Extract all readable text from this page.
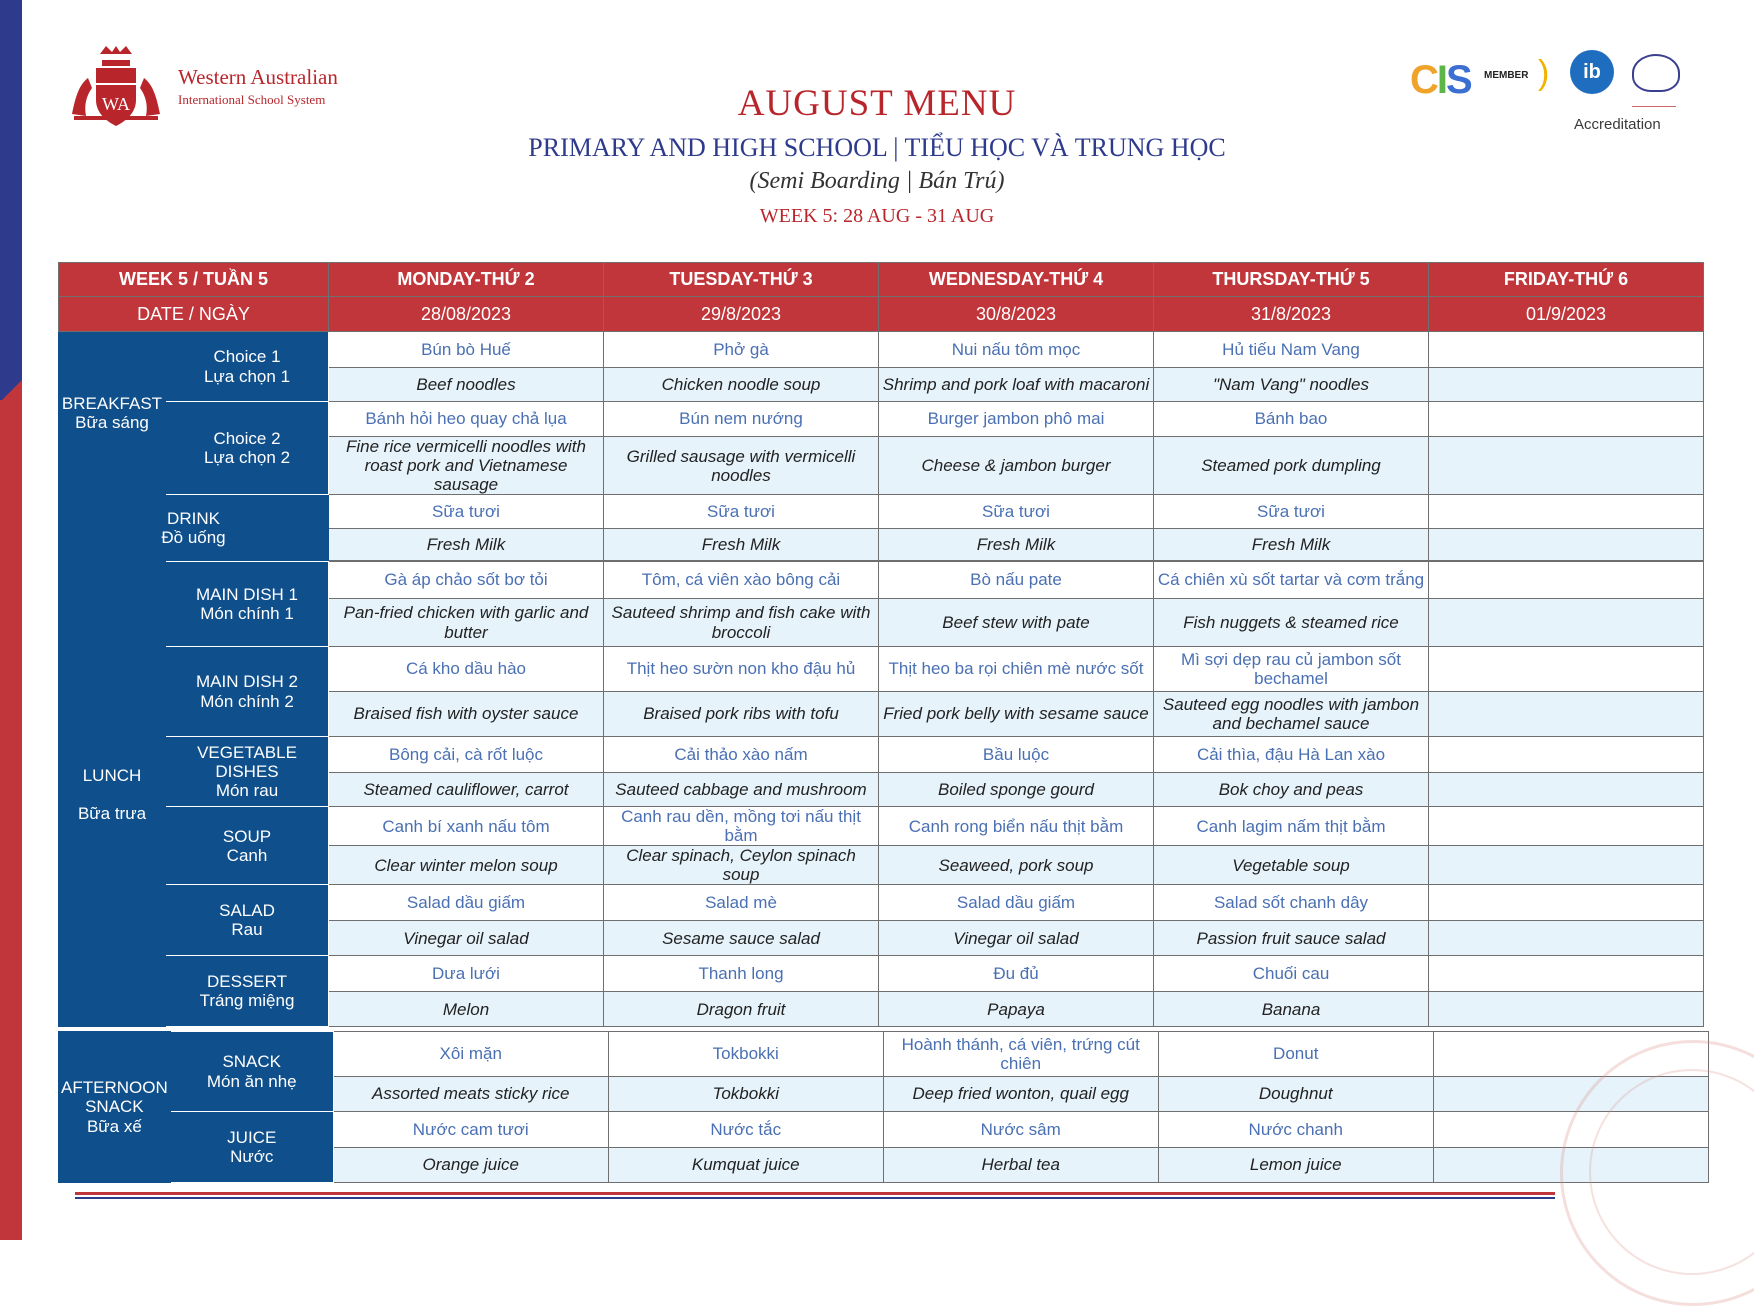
WA
Western Australian
International School System	CIS MEMBER )	ib
Accreditation
AUGUST MENU
PRIMARY AND HIGH SCHOOL | TIỂU HỌC VÀ TRUNG HỌC
(Semi Boarding | Bán Trú)
WEEK 5: 28 AUG - 31 AUG
WEEK 5 / TUẦN 5		MONDAY-THỨ 2	TUESDAY-THỨ 3	WEDNESDAY-THỨ 4	THURSDAY-THỨ 5	FRIDAY-THỨ 6
DATE / NGÀY		28/08/2023	29/8/2023	30/8/2023	31/8/2023	01/9/2023
BREAKFAST
Bữa sáng	Choice 1
Lựa chọn 1	Bún bò Huế	Phở gà	Nui nấu tôm mọc	Hủ tiếu Nam Vang	
		Beef noodles	Chicken noodle soup	Shrimp and pork loaf with macaroni	"Nam Vang" noodles	
	Choice 2
Lựa chọn 2	Bánh hỏi heo quay chả lụa	Bún nem nướng	Burger jambon phô mai	Bánh bao	
		Fine rice vermicelli noodles with roast pork and Vietnamese sausage	Grilled sausage with vermicelli noodles	Cheese & jambon burger	Steamed pork dumpling	
DRINK
Đồ uống		Sữa tươi	Sữa tươi	Sữa tươi	Sữa tươi	
		Fresh Milk	Fresh Milk	Fresh Milk	Fresh Milk	
LUNCH

Bữa trưa	MAIN DISH 1
Món chính 1	Gà áp chảo sốt bơ tỏi	Tôm, cá viên xào bông cải	Bò nấu pate	Cá chiên xù sốt tartar và cơm trắng	
		Pan-fried chicken with garlic and butter	Sauteed shrimp and fish cake with broccoli	Beef stew with pate	Fish nuggets & steamed rice	
	MAIN DISH 2
Món chính 2	Cá kho dầu hào	Thịt heo sườn non kho đậu hủ	Thịt heo ba rọi chiên mè nước sốt	Mì sợi dẹp rau củ jambon sốt bechamel	
		Braised fish with oyster sauce	Braised pork ribs with tofu	Fried pork belly with sesame sauce	Sauteed egg noodles with jambon and bechamel sauce	
	VEGETABLE DISHES
Món rau	Bông cải, cà rốt luộc	Cải thảo xào nấm	Bầu luộc	Cải thìa, đậu Hà Lan xào	
		Steamed cauliflower, carrot	Sauteed cabbage and mushroom	Boiled sponge gourd	Bok choy and peas	
	SOUP
Canh	Canh bí xanh nấu tôm	Canh rau dền, mồng tơi nấu thịt bằm	Canh rong biển nấu thịt bằm	Canh lagim nấm thịt bằm	
		Clear winter melon soup	Clear spinach, Ceylon spinach soup	Seaweed, pork soup	Vegetable soup	
	SALAD
Rau	Salad dầu giấm	Salad mè	Salad dầu giấm	Salad sốt chanh dây	
		Vinegar oil salad	Sesame sauce salad	Vinegar oil salad	Passion fruit sauce salad	
	DESSERT
Tráng miệng	Dưa lưới	Thanh long	Đu đủ	Chuối cau	
		Melon	Dragon fruit	Papaya	Banana	
AFTERNOON
SNACK
Bữa xế	SNACK
Món ăn nhẹ	Xôi mặn	Tokbokki	Hoành thánh, cá viên, trứng cút chiên	Donut	
		Assorted meats sticky rice	Tokbokki	Deep fried wonton, quail egg	Doughnut	
	JUICE
Nước	Nước cam tươi	Nước tắc	Nước sâm	Nước chanh	
		Orange juice	Kumquat juice	Herbal tea	Lemon juice	
